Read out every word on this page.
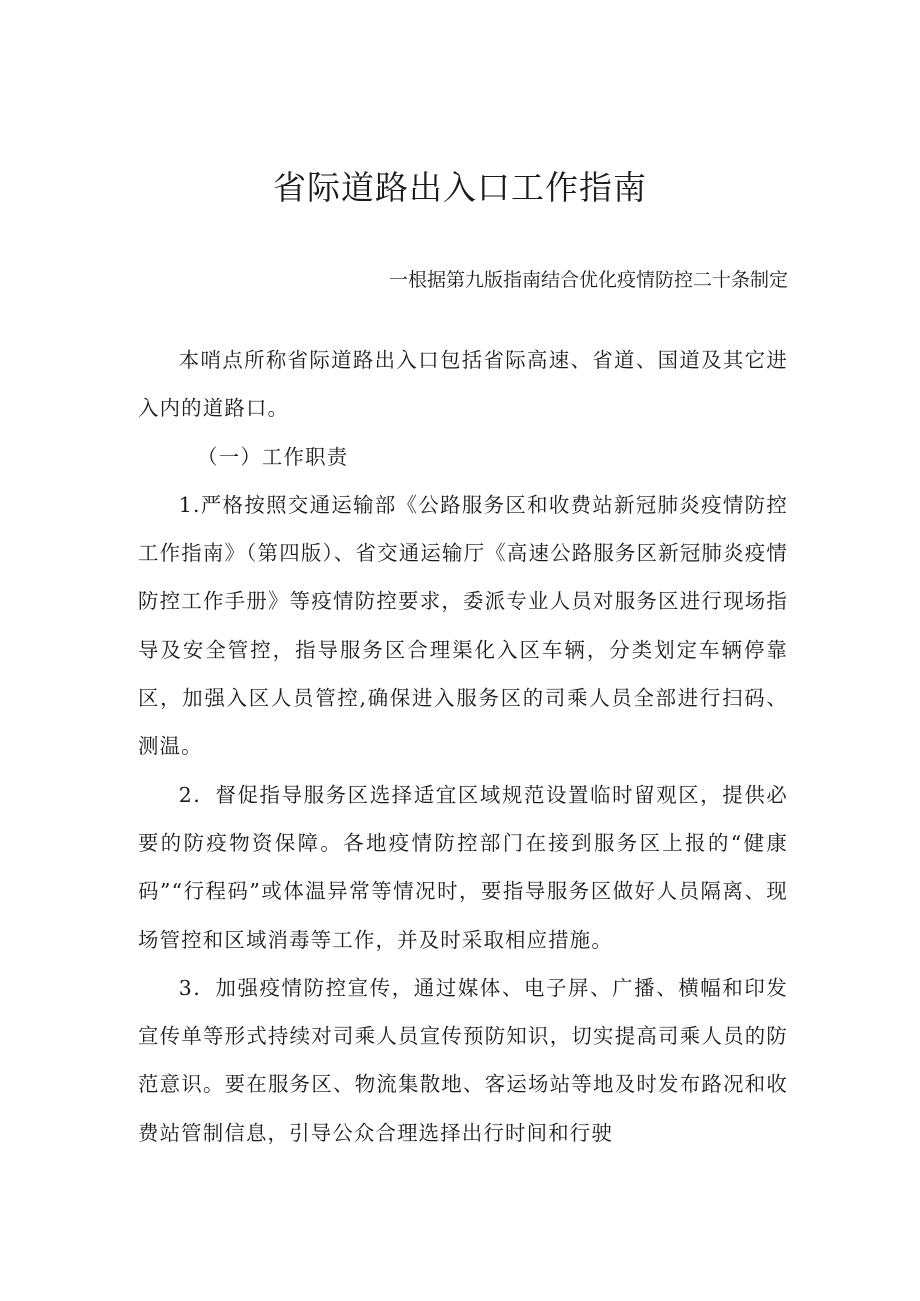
省际道路出入口工作指南
一根据第九版指南结合优化疫情防控二十条制定

本哨点所称省际道路出入口包括省际高速、省道、国道及其它进入内的道路口。

（一）工作职责

1.严格按照交通运输部《公路服务区和收费站新冠肺炎疫情防控工作指南》（第四版）、省交通运输厅《高速公路服务区新冠肺炎疫情防控工作手册》等疫情防控要求，委派专业人员对服务区进行现场指导及安全管控，指导服务区合理渠化入区车辆，分类划定车辆停靠区，加强入区人员管控,确保进入服务区的司乘人员全部进行扫码、测温。

2．督促指导服务区选择适宜区域规范设置临时留观区，提供必要的防疫物资保障。各地疫情防控部门在接到服务区上报的“健康码”“行程码”或体温异常等情况时，要指导服务区做好人员隔离、现场管控和区域消毒等工作，并及时采取相应措施。

3．加强疫情防控宣传，通过媒体、电子屏、广播、横幅和印发宣传单等形式持续对司乘人员宣传预防知识，切实提高司乘人员的防范意识。要在服务区、物流集散地、客运场站等地及时发布路况和收费站管制信息，引导公众合理选择出行时间和行驶
